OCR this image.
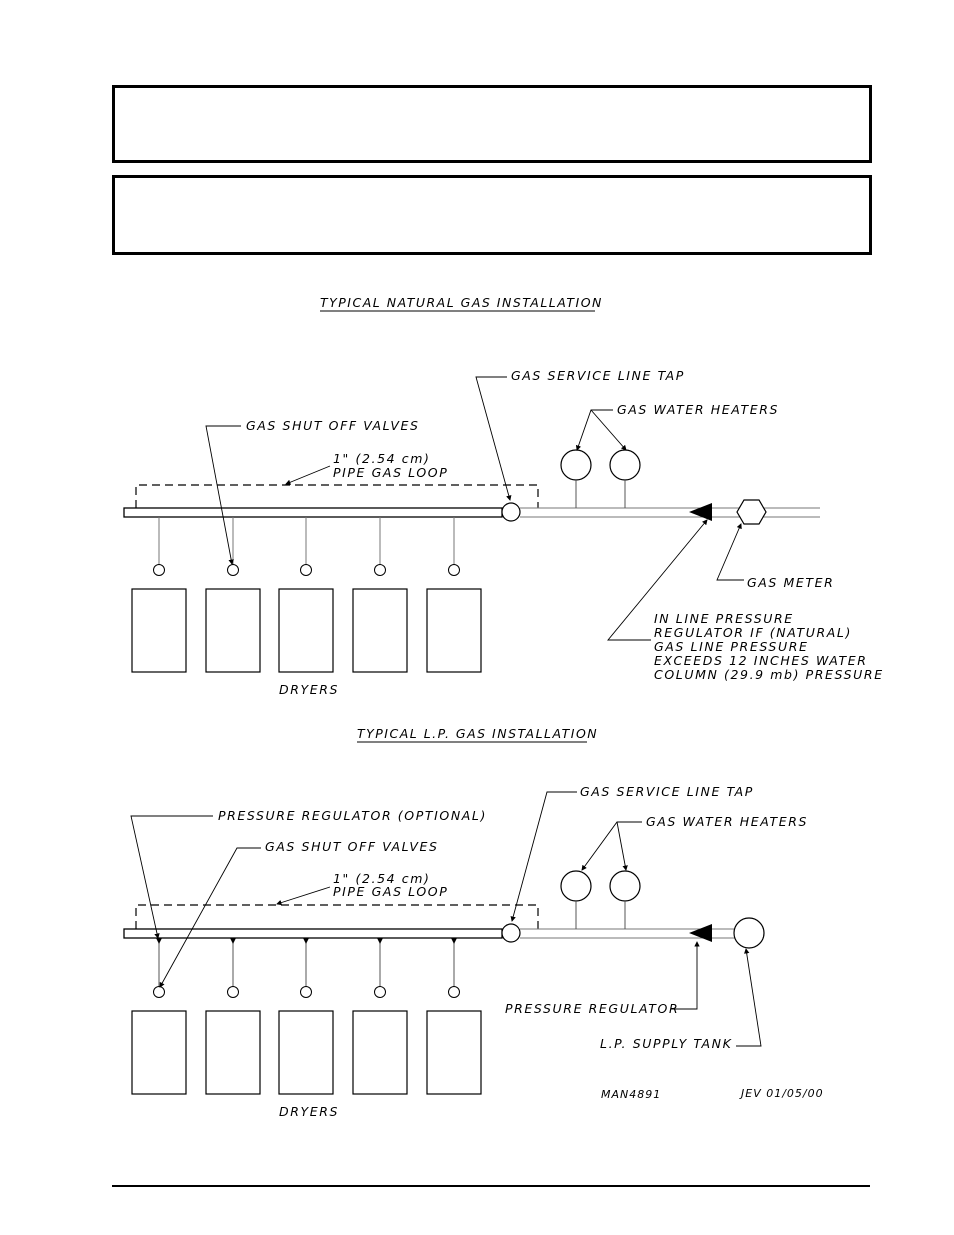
TYPICAL NATURAL GAS INSTALLATION
GAS SERVICE LINE TAP
GAS WATER HEATERS
GAS SHUT OFF VALVES
1" (2.54 cm)
PIPE GAS LOOP
GAS METER
IN LINE PRESSURE
REGULATOR IF (NATURAL)
GAS LINE PRESSURE
EXCEEDS 12 INCHES WATER
COLUMN (29.9 mb) PRESSURE
DRYERS
TYPICAL L.P. GAS INSTALLATION
GAS SERVICE LINE TAP
PRESSURE REGULATOR (OPTIONAL)	GAS WATER HEATERS
GAS SHUT OFF VALVES
1" (2.54 cm)
PIPE GAS LOOP
PRESSURE REGULATOR
L.P. SUPPLY TANK
MAN4891	JEV 01/05/00
DRYERS
